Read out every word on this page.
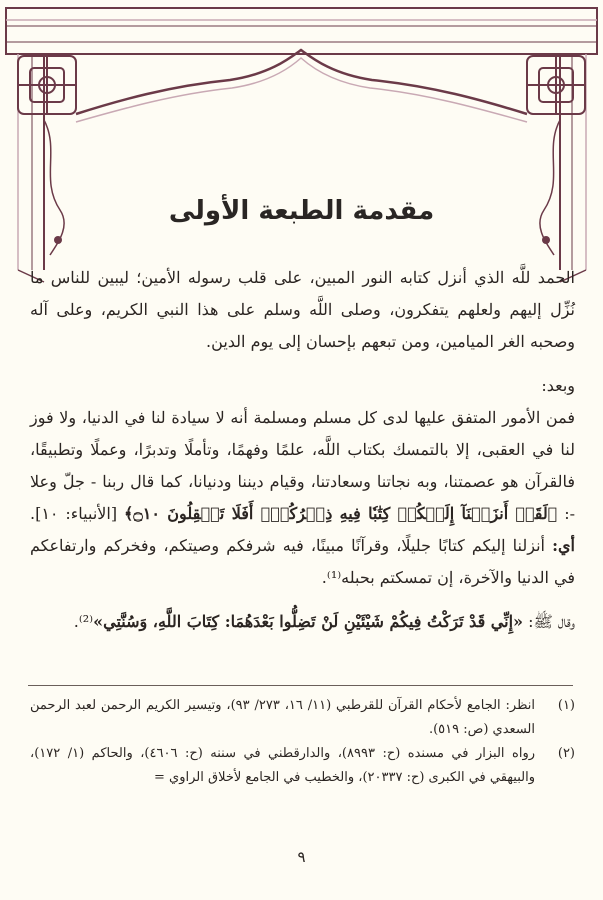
مقدمة الطبعة الأولى
الحمد للَّه الذي أنزل كتابه النور المبين، على قلب رسوله الأمين؛ ليبين للناس ما نُزِّل إليهم ولعلهم يتفكرون، وصلى اللَّه وسلم على هذا النبي الكريم، وعلى آله وصحبه الغر الميامين، ومن تبعهم بإحسان إلى يوم الدين.
وبعد:
فمن الأمور المتفق عليها لدى كل مسلم ومسلمة أنه لا سيادة لنا في الدنيا، ولا فوز لنا في العقبى، إلا بالتمسك بكتاب اللَّه، علمًا وفهمًا، وتأملًا وتدبرًا، وعملًا وتطبيقًا، فالقرآن هو عصمتنا، وبه نجاتنا وسعادتنا، وقيام ديننا ودنيانا، كما قال ربنا - جلّ وعلا -: ﴿لَقَدۡ أَنزَلۡنَآ إِلَيۡكُمۡ كِتَٰبٗا فِيهِ ذِكۡرُكُمۡۚ أَفَلَا تَعۡقِلُونَ ۝١٠﴾ [الأنبياء: ١٠]. أي: أنزلنا إليكم كتابًا جليلًا، وقرآنًا مبينًا، فيه شرفكم وصيتكم، وفخركم وارتفاعكم في الدنيا والآخرة، إن تمسكتم بحبله⁽¹⁾.
وقال ﷺ: «إِنِّي قَدْ تَرَكْتُ فِيكُمْ شَيْئَيْنِ لَنْ تَضِلُّوا بَعْدَهُمَا: كِتَابَ اللَّهِ، وَسُنَّتِي»⁽²⁾.
(١)
انظر: الجامع لأحكام القرآن للقرطبي (١١/ ١٦، ٢٧٣/ ٩٣)، وتيسير الكريم الرحمن لعبد الرحمن السعدي (ص: ٥١٩).
(٢)
رواه البزار في مسنده (ح: ٨٩٩٣)، والدارقطني في سننه (ح: ٤٦٠٦)، والحاكم (١/ ١٧٢)، والبيهقي في الكبرى (ح: ٢٠٣٣٧)، والخطيب في الجامع لأخلاق الراوي =
٩
